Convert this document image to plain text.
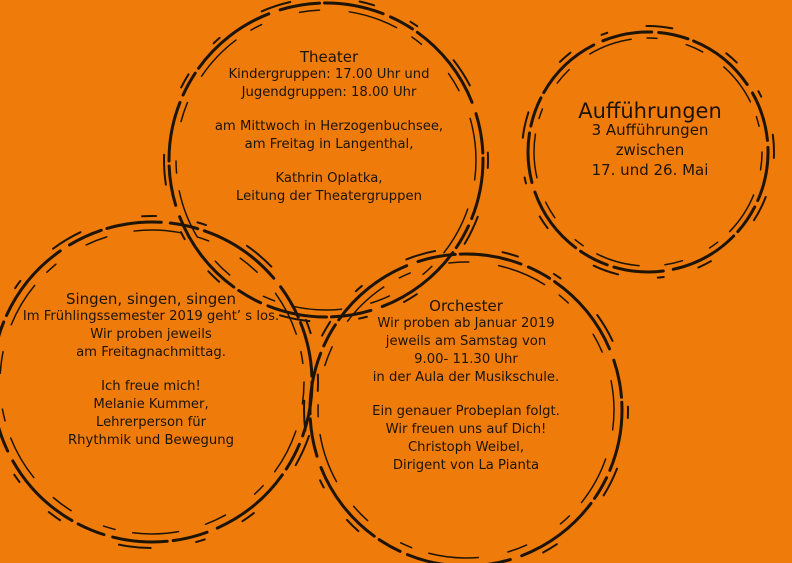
Theater

Kindergruppen: 17.00 Uhr und

Jugendgruppen: 18.00 Uhr

am Mittwoch in Herzogenbuchsee,

am Freitag in Langenthal,

Kathrin Oplatka,

Leitung der Theatergruppen

Aufführungen

3 Aufführungen

zwischen

17. und 26. Mai

Singen, singen, singen

Im Frühlingssemester 2019 geht’ s los.

Wir proben jeweils

am Freitagnachmittag.

Ich freue mich!

Melanie Kummer,

Lehrerperson für

Rhythmik und Bewegung

Orchester

Wir proben ab Januar 2019

jeweils am Samstag von

9.00- 11.30 Uhr

in der Aula der Musikschule.

Ein genauer Probeplan folgt.

Wir freuen uns auf Dich!

Christoph Weibel,

Dirigent von La Pianta
